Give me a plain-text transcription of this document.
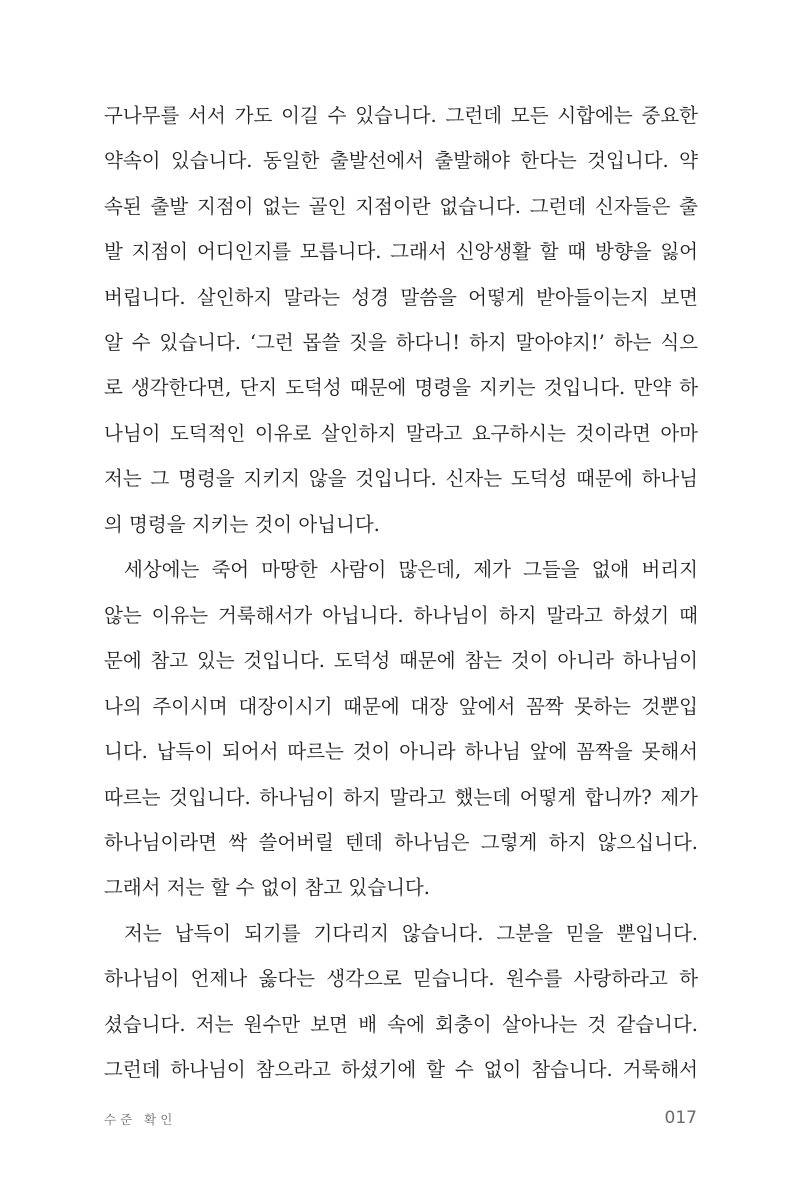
구나무를 서서 가도 이길 수 있습니다. 그런데 모든 시합에는 중요한
약속이 있습니다. 동일한 출발선에서 출발해야 한다는 것입니다. 약
속된 출발 지점이 없는 골인 지점이란 없습니다. 그런데 신자들은 출
발 지점이 어디인지를 모릅니다. 그래서 신앙생활 할 때 방향을 잃어
버립니다. 살인하지 말라는 성경 말씀을 어떻게 받아들이는지 보면
알 수 있습니다. ‘그런 몹쓸 짓을 하다니! 하지 말아야지!’ 하는 식으
로 생각한다면, 단지 도덕성 때문에 명령을 지키는 것입니다. 만약 하
나님이 도덕적인 이유로 살인하지 말라고 요구하시는 것이라면 아마
저는 그 명령을 지키지 않을 것입니다. 신자는 도덕성 때문에 하나님
의 명령을 지키는 것이 아닙니다.
세상에는 죽어 마땅한 사람이 많은데, 제가 그들을 없애 버리지
않는 이유는 거룩해서가 아닙니다. 하나님이 하지 말라고 하셨기 때
문에 참고 있는 것입니다. 도덕성 때문에 참는 것이 아니라 하나님이
나의 주이시며 대장이시기 때문에 대장 앞에서 꼼짝 못하는 것뿐입
니다. 납득이 되어서 따르는 것이 아니라 하나님 앞에 꼼짝을 못해서
따르는 것입니다. 하나님이 하지 말라고 했는데 어떻게 합니까? 제가
하나님이라면 싹 쓸어버릴 텐데 하나님은 그렇게 하지 않으십니다.
그래서 저는 할 수 없이 참고 있습니다.
저는 납득이 되기를 기다리지 않습니다. 그분을 믿을 뿐입니다.
하나님이 언제나 옳다는 생각으로 믿습니다. 원수를 사랑하라고 하
셨습니다. 저는 원수만 보면 배 속에 회충이 살아나는 것 같습니다.
그런데 하나님이 참으라고 하셨기에 할 수 없이 참습니다. 거룩해서
수준 확인	017
